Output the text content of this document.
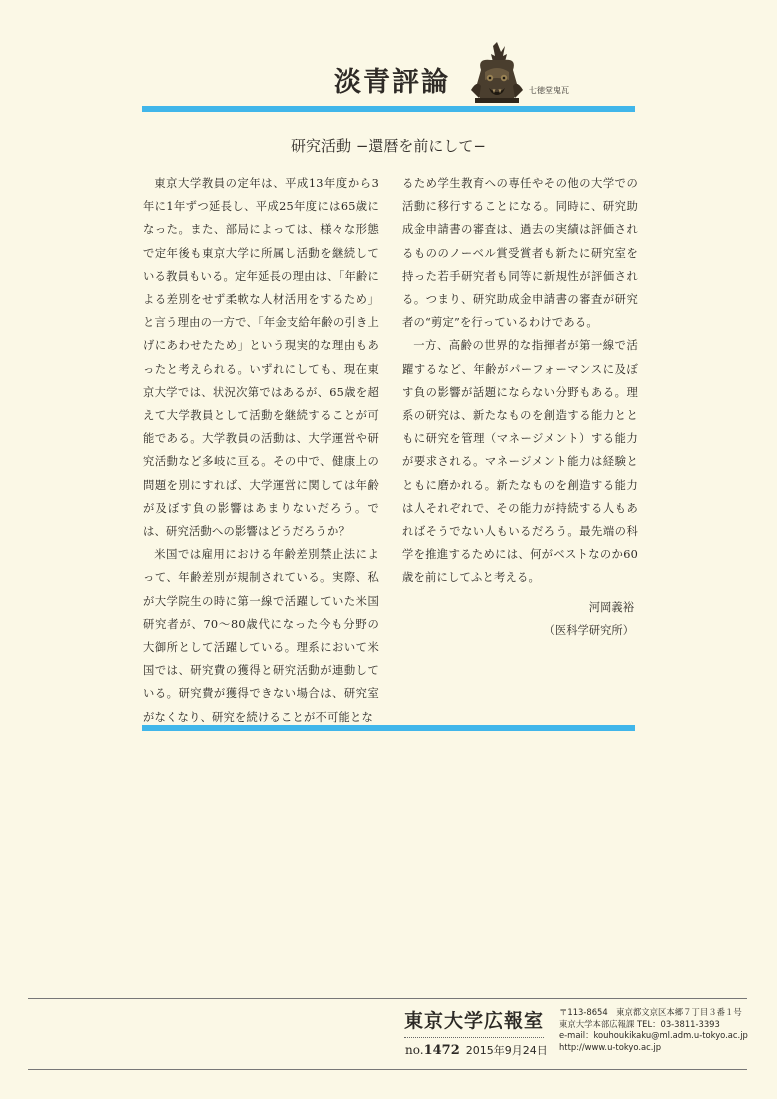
淡青評論	七徳堂鬼瓦
研究活動 −還暦を前にして−

東京大学教員の定年は、平成13年度から3年に1年ずつ延長し、平成25年度には65歳になった。また、部局によっては、様々な形態で定年後も東京大学に所属し活動を継続している教員もいる。定年延長の理由は、「年齢による差別をせず柔軟な人材活用をするため」と言う理由の一方で、「年金支給年齢の引き上げにあわせたため」という現実的な理由もあったと考えられる。いずれにしても、現在東京大学では、状況次第ではあるが、65歳を超えて大学教員として活動を継続することが可能である。大学教員の活動は、大学運営や研究活動など多岐に亘る。その中で、健康上の問題を別にすれば、大学運営に関しては年齢が及ぼす負の影響はあまりないだろう。では、研究活動への影響はどうだろうか？

米国では雇用における年齢差別禁止法によって、年齢差別が規制されている。実際、私が大学院生の時に第一線で活躍していた米国研究者が、70〜80歳代になった今も分野の大御所として活躍している。理系において米国では、研究費の獲得と研究活動が連動している。研究費が獲得できない場合は、研究室がなくなり、研究を続けることが不可能とな

るため学生教育への専任やその他の大学での活動に移行することになる。同時に、研究助成金申請書の審査は、過去の実績は評価されるもののノーベル賞受賞者も新たに研究室を持った若手研究者も同等に新規性が評価される。つまり、研究助成金申請書の審査が研究者の“剪定”を行っているわけである。

一方、高齢の世界的な指揮者が第一線で活躍するなど、年齢がパーフォーマンスに及ぼす負の影響が話題にならない分野もある。理系の研究は、新たなものを創造する能力とともに研究を管理（マネージメント）する能力が要求される。マネージメント能力は経験とともに磨かれる。新たなものを創造する能力は人それぞれで、その能力が持続する人もあればそうでない人もいるだろう。最先端の科学を推進するためには、何がベストなのか60歳を前にしてふと考える。

河岡義裕
（医科学研究所）
東京大学広報室
no.1472 2015年9月24日
〒113-8654　東京都文京区本郷７丁目３番１号
東京大学本部広報課 TEL：03-3811-3393
e-mail：kouhoukikaku@ml.adm.u-tokyo.ac.jp
http://www.u-tokyo.ac.jp
